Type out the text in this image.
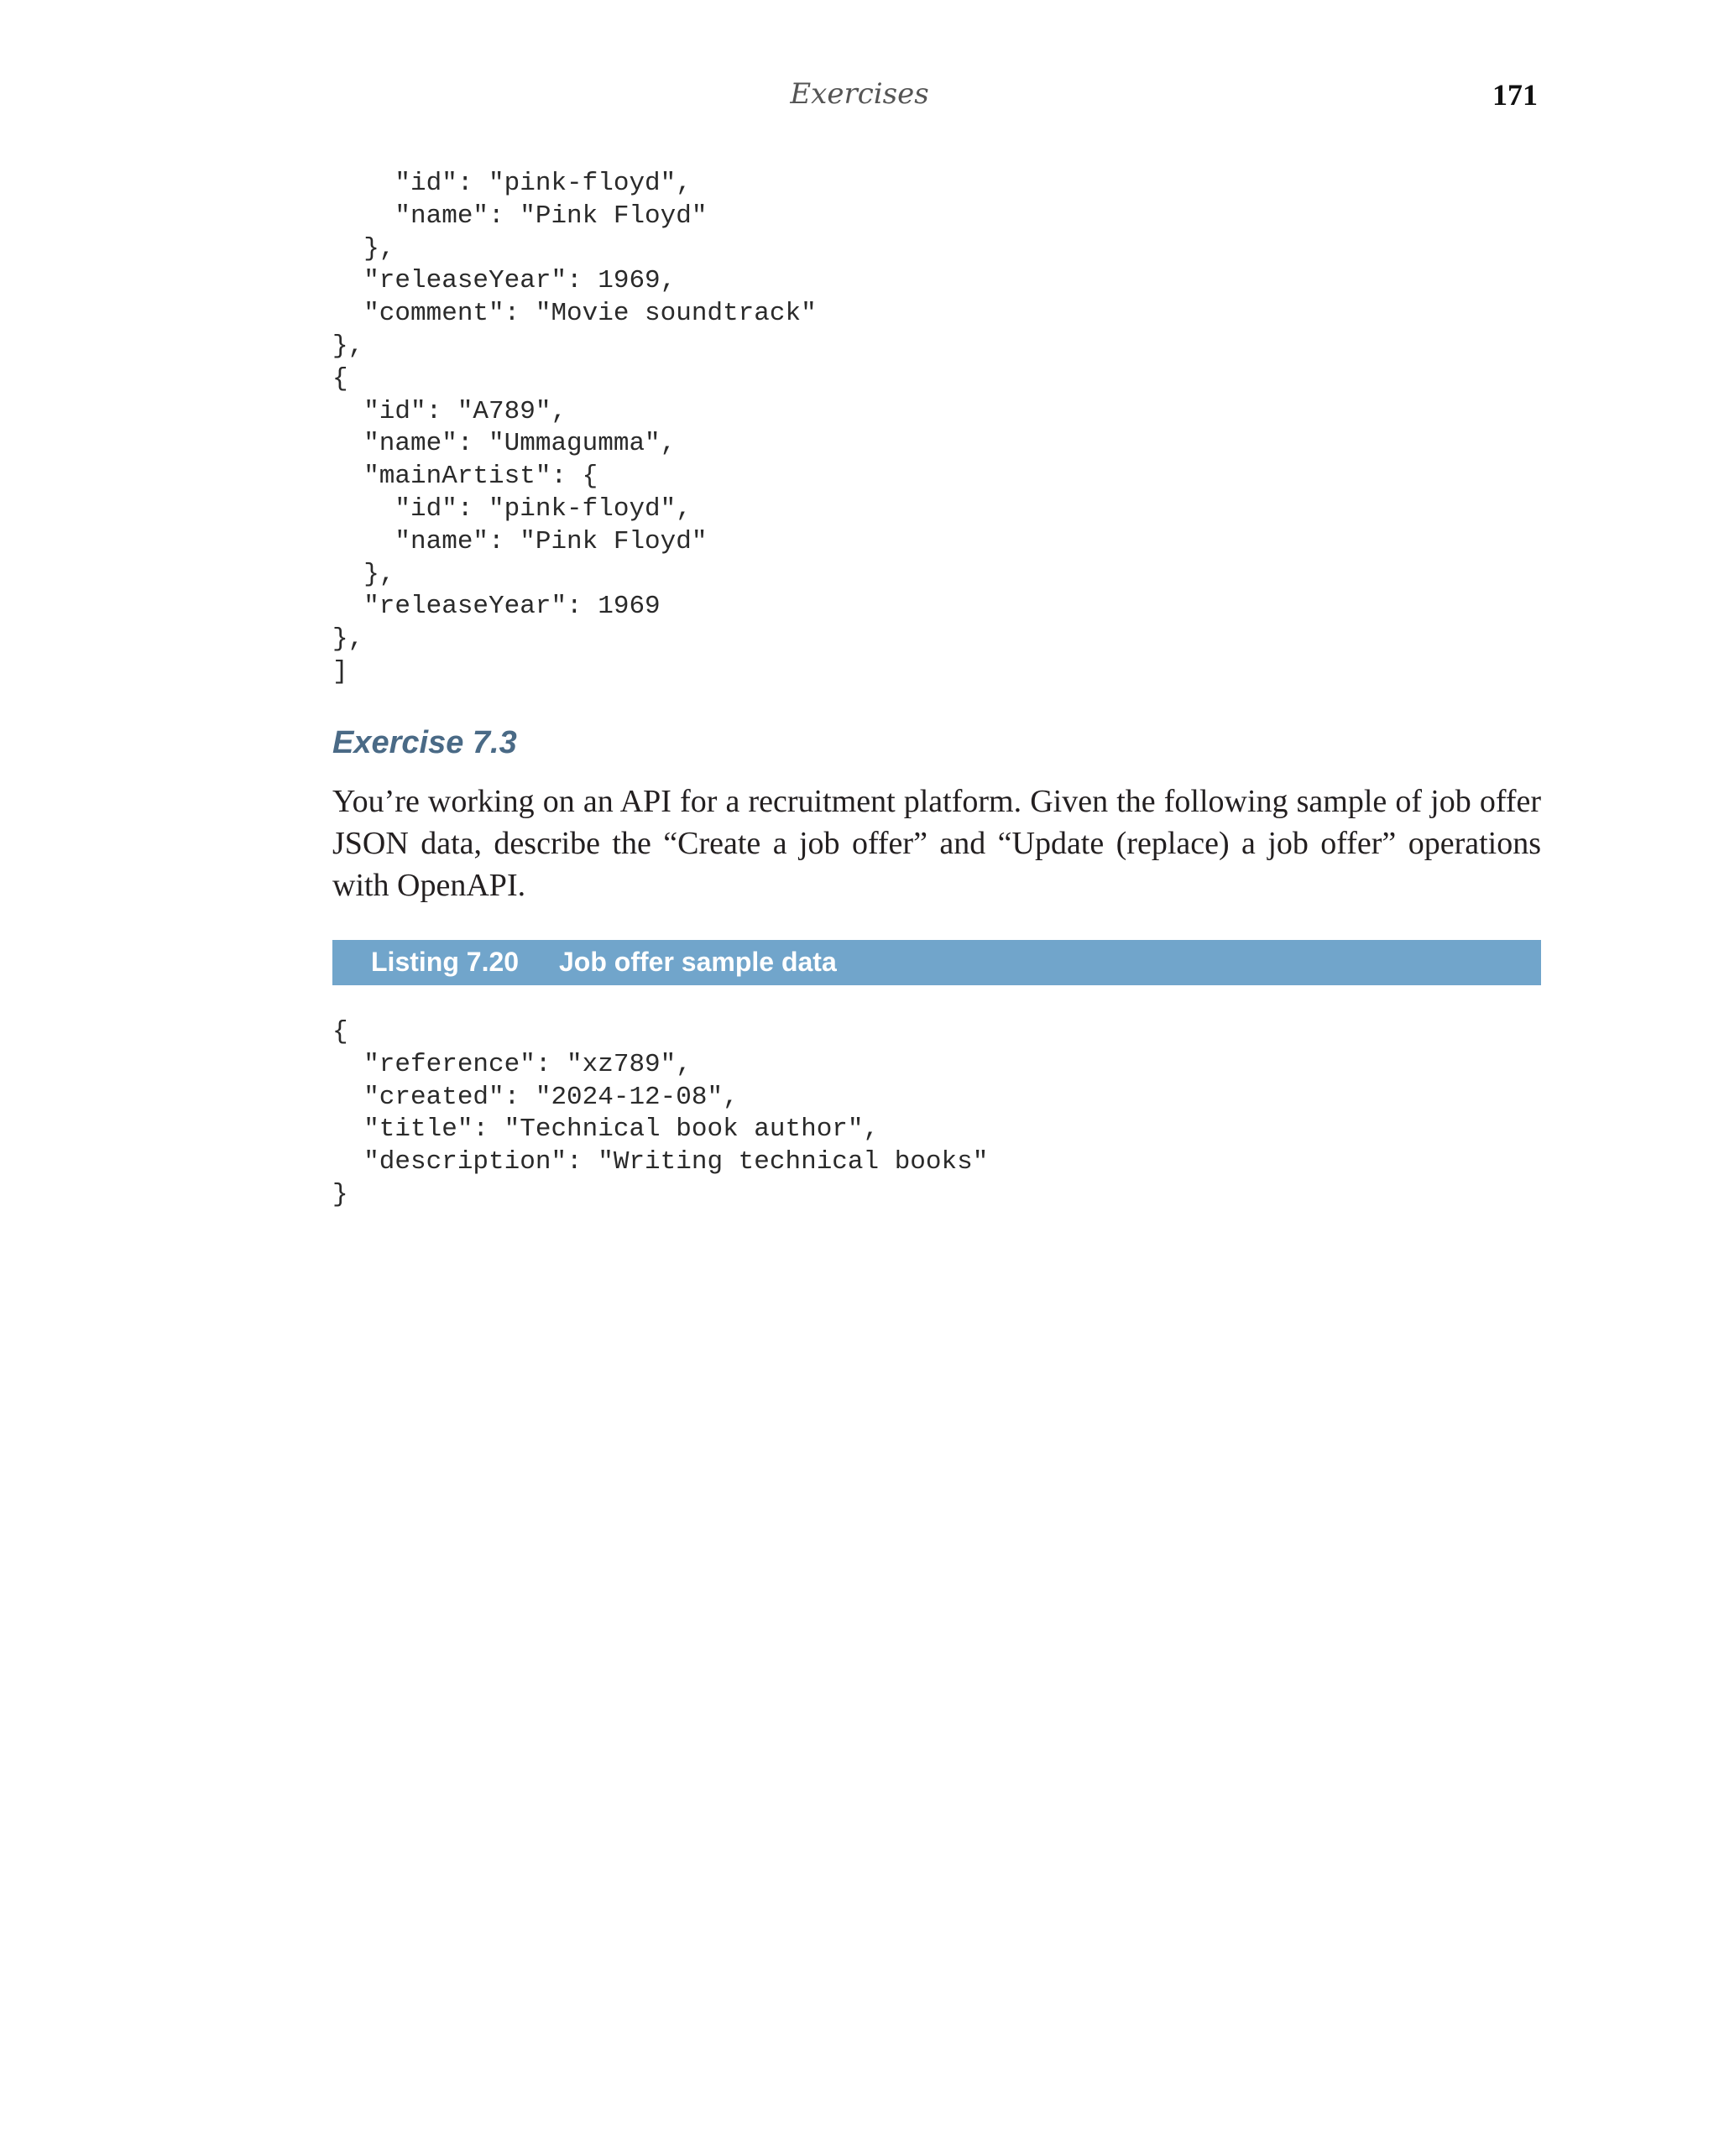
Exercises	171
"id": "pink-floyd",
"name": "Pink Floyd"
},
"releaseYear": 1969,
"comment": "Movie soundtrack"
},
{
"id": "A789",
"name": "Ummagumma",
"mainArtist": {
"id": "pink-floyd",
"name": "Pink Floyd"
},
"releaseYear": 1969
},
]
Exercise 7.3

You’re working on an API for a recruitment platform. Given the following sample of job offer JSON data, describe the “Create a job offer” and “Update (replace) a job offer” operations with OpenAPI.

Listing 7.20 Job offer sample data
{
"reference": "xz789",
"created": "2024-12-08",
"title": "Technical book author",
"description": "Writing technical books"
}
